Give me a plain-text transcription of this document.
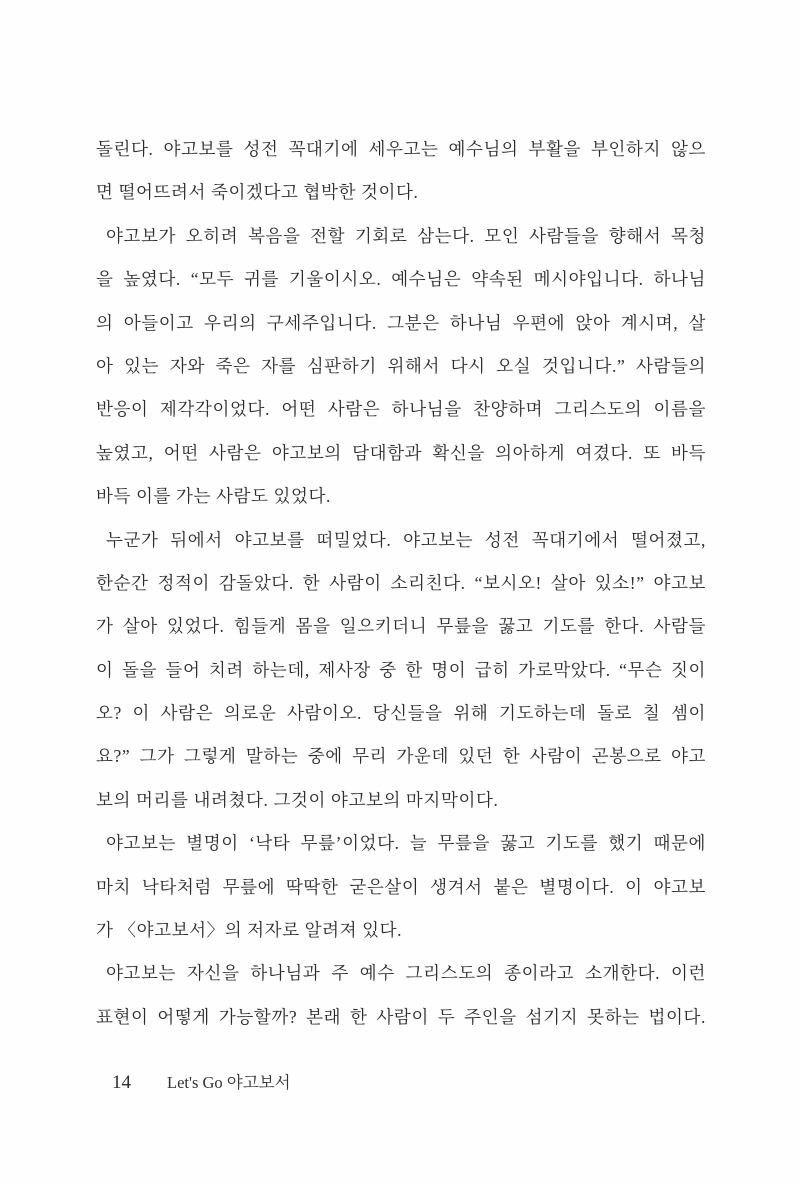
돌린다. 야고보를 성전 꼭대기에 세우고는 예수님의 부활을 부인하지 않으
면 떨어뜨려서 죽이겠다고 협박한 것이다.
야고보가 오히려 복음을 전할 기회로 삼는다. 모인 사람들을 향해서 목청
을 높였다. “모두 귀를 기울이시오. 예수님은 약속된 메시야입니다. 하나님
의 아들이고 우리의 구세주입니다. 그분은 하나님 우편에 앉아 계시며, 살
아 있는 자와 죽은 자를 심판하기 위해서 다시 오실 것입니다.” 사람들의
반응이 제각각이었다. 어떤 사람은 하나님을 찬양하며 그리스도의 이름을
높였고, 어떤 사람은 야고보의 담대함과 확신을 의아하게 여겼다. 또 바득
바득 이를 가는 사람도 있었다.
누군가 뒤에서 야고보를 떠밀었다. 야고보는 성전 꼭대기에서 떨어졌고,
한순간 정적이 감돌았다. 한 사람이 소리친다. “보시오! 살아 있소!” 야고보
가 살아 있었다. 힘들게 몸을 일으키더니 무릎을 꿇고 기도를 한다. 사람들
이 돌을 들어 치려 하는데, 제사장 중 한 명이 급히 가로막았다. “무슨 짓이
오? 이 사람은 의로운 사람이오. 당신들을 위해 기도하는데 돌로 칠 셈이
요?” 그가 그렇게 말하는 중에 무리 가운데 있던 한 사람이 곤봉으로 야고
보의 머리를 내려쳤다. 그것이 야고보의 마지막이다.
야고보는 별명이 ‘낙타 무릎’이었다. 늘 무릎을 꿇고 기도를 했기 때문에
마치 낙타처럼 무릎에 딱딱한 굳은살이 생겨서 붙은 별명이다. 이 야고보
가 〈야고보서〉의 저자로 알려져 있다.
야고보는 자신을 하나님과 주 예수 그리스도의 종이라고 소개한다. 이런
표현이 어떻게 가능할까? 본래 한 사람이 두 주인을 섬기지 못하는 법이다.
14 Let's Go 야고보서
